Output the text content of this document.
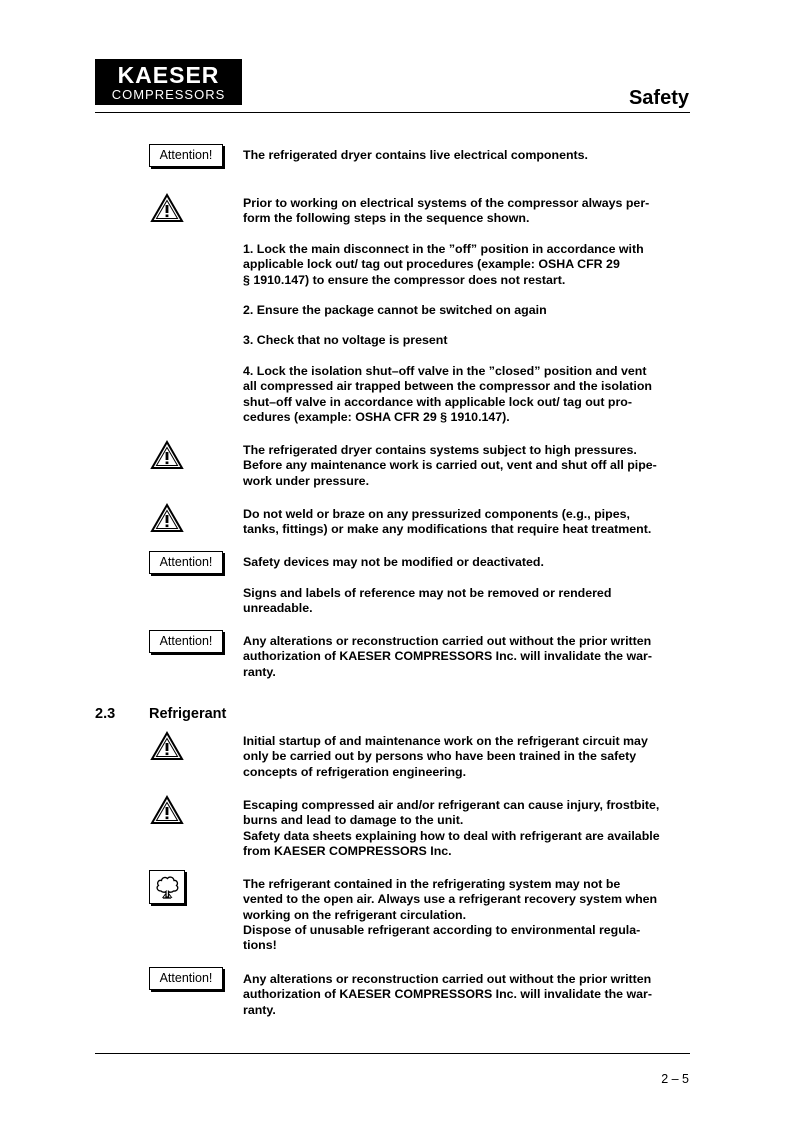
KAESER
COMPRESSORS	Safety
Attention!	The refrigerated dryer contains live electrical components.

Prior to working on electrical systems of the compressor always per-
form the following steps in the sequence shown.

1. Lock the main disconnect in the ”off” position in accordance with
applicable lock out/ tag out procedures (example: OSHA CFR 29
§ 1910.147) to ensure the compressor does not restart.

2. Ensure the package cannot be switched on again

3. Check that no voltage is present

4. Lock the isolation shut–off valve in the ”closed” position and vent
all compressed air trapped between the compressor and the isolation
shut–off valve in accordance with applicable lock out/ tag out pro-
cedures (example: OSHA CFR 29 § 1910.147).

The refrigerated dryer contains systems subject to high pressures.
Before any maintenance work is carried out, vent and shut off all pipe-
work under pressure.

Do not weld or braze on any pressurized components (e.g., pipes,
tanks, fittings) or make any modifications that require heat treatment.

Attention!	Safety devices may not be modified or deactivated.

Signs and labels of reference may not be removed or rendered
unreadable.

Attention!	Any alterations or reconstruction carried out without the prior written
authorization of KAESER COMPRESSORS Inc. will invalidate the war-
ranty.

2.3 Refrigerant

Initial startup of and maintenance work on the refrigerant circuit may
only be carried out by persons who have been trained in the safety
concepts of refrigeration engineering.

Escaping compressed air and/or refrigerant can cause injury, frostbite,
burns and lead to damage to the unit.
Safety data sheets explaining how to deal with refrigerant are available
from KAESER COMPRESSORS Inc.

The refrigerant contained in the refrigerating system may not be
vented to the open air. Always use a refrigerant recovery system when
working on the refrigerant circulation.
Dispose of unusable refrigerant according to environmental regula-
tions!

Attention!	Any alterations or reconstruction carried out without the prior written
authorization of KAESER COMPRESSORS Inc. will invalidate the war-
ranty.

2 – 5
